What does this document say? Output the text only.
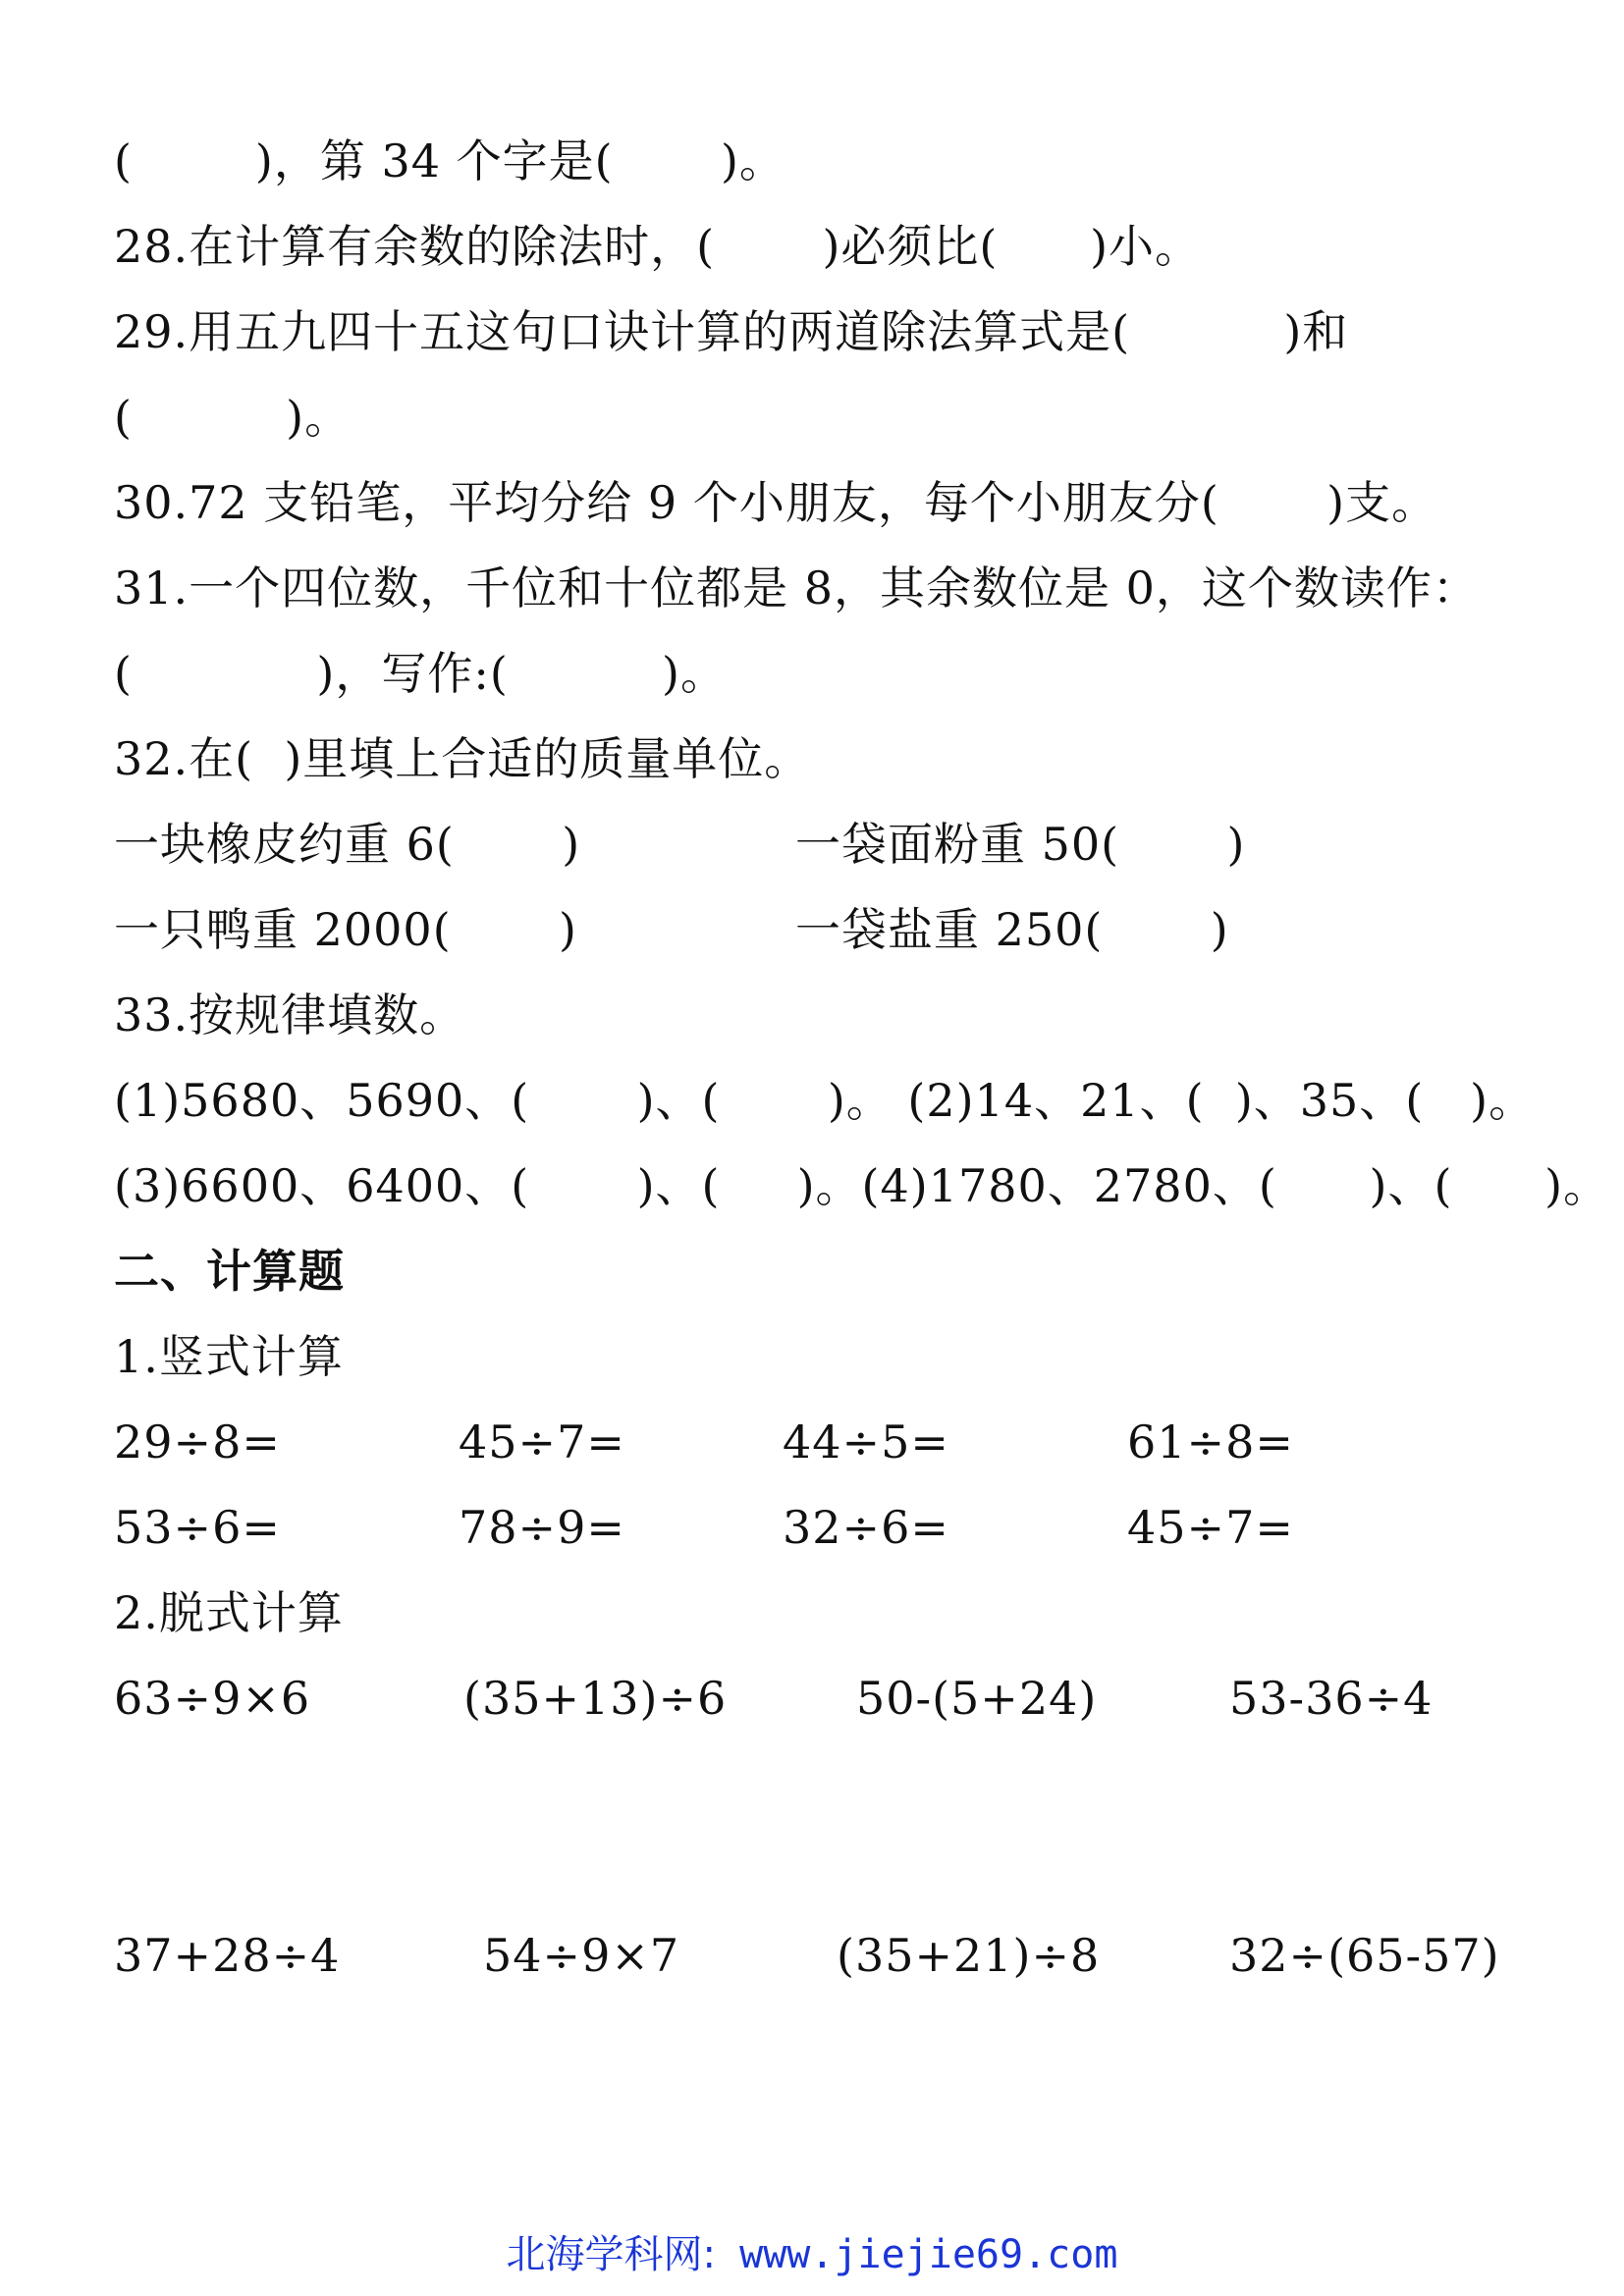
(        )，第 34 个字是(       )。
28.在计算有余数的除法时，(       )必须比(      )小。
29.用五九四十五这句口诀计算的两道除法算式是(          )和
(          )。
30.72 支铅笔，平均分给 9 个小朋友，每个小朋友分(       )支。
31.一个四位数，千位和十位都是 8，其余数位是 0，这个数读作：
(            )，写作:(          )。
32.在(  )里填上合适的质量单位。
一块橡皮约重 6(       )	一袋面粉重 50(       )
一只鸭重 2000(       )	一袋盐重 250(       )
33.按规律填数。
(1)5680、5690、(       )、(       )。 (2)14、21、(  )、35、(   )。
(3)6600、6400、(       )、(     )。(4)1780、2780、(      )、(      )。
二、计算题
1.竖式计算
29÷8=	45÷7=	44÷5=	61÷8=
53÷6=	78÷9=	32÷6=	45÷7=
2.脱式计算
63÷9×6	(35+13)÷6	50-(5+24)	53-36÷4
37+28÷4	54÷9×7	(35+21)÷8	32÷(65-57)
北海学科网: www.jiejie69.com
